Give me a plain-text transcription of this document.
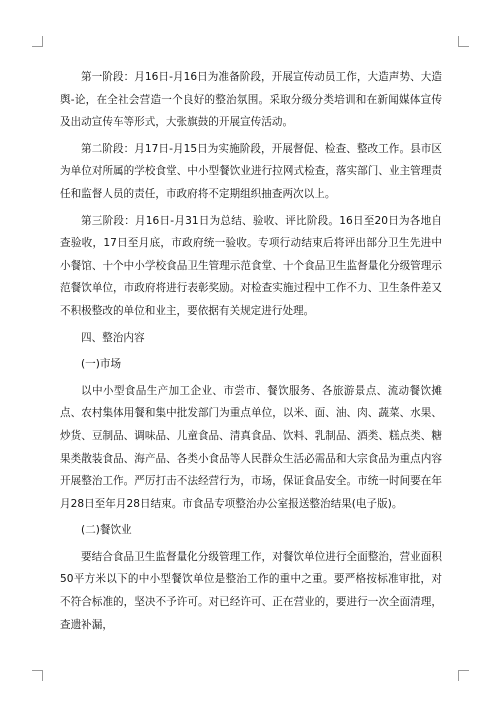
第一阶段：月16日-月16日为准备阶段，开展宣传动员工作，大造声势、大造舆-论，在全社会营造一个良好的整治氛围。采取分级分类培训和在新闻媒体宣传及出动宣传车等形式，大张旗鼓的开展宣传活动。

第二阶段：月17日-月15日为实施阶段，开展督促、检查、整改工作。县市区为单位对所属的学校食堂、中小型餐饮业进行拉网式检查，落实部门、业主管理责任和监督人员的责任，市政府将不定期组织抽查两次以上。

第三阶段：月16日-月31日为总结、验收、评比阶段。16日至20日为各地自查验收，17日至月底，市政府统一验收。专项行动结束后将评出部分卫生先进中小餐馆、十个中小学校食品卫生管理示范食堂、十个食品卫生监督量化分级管理示范餐饮单位，市政府将进行表彰奖励。对检查实施过程中工作不力、卫生条件差又不积极整改的单位和业主，要依据有关规定进行处理。

四、整治内容

(一)市场

以中小型食品生产加工企业、市尝市、餐饮服务、各旅游景点、流动餐饮摊点、农村集体用餐和集中批发部门为重点单位，以米、面、油、肉、蔬菜、水果、炒货、豆制品、调味品、儿童食品、清真食品、饮料、乳制品、酒类、糕点类、糖果类散装食品、海产品、各类小食品等人民群众生活必需品和大宗食品为重点内容开展整治工作。严厉打击不法经营行为，市场，保证食品安全。市统一时间要在年月28日至年月28日结束。市食品专项整治办公室报送整治结果(电子版)。

(二)餐饮业

要结合食品卫生监督量化分级管理工作，对餐饮单位进行全面整治，营业面积50平方米以下的中小型餐饮单位是整治工作的重中之重。要严格按标准审批，对不符合标准的，坚决不予许可。对已经许可、正在营业的，要进行一次全面清理，查遗补漏，
